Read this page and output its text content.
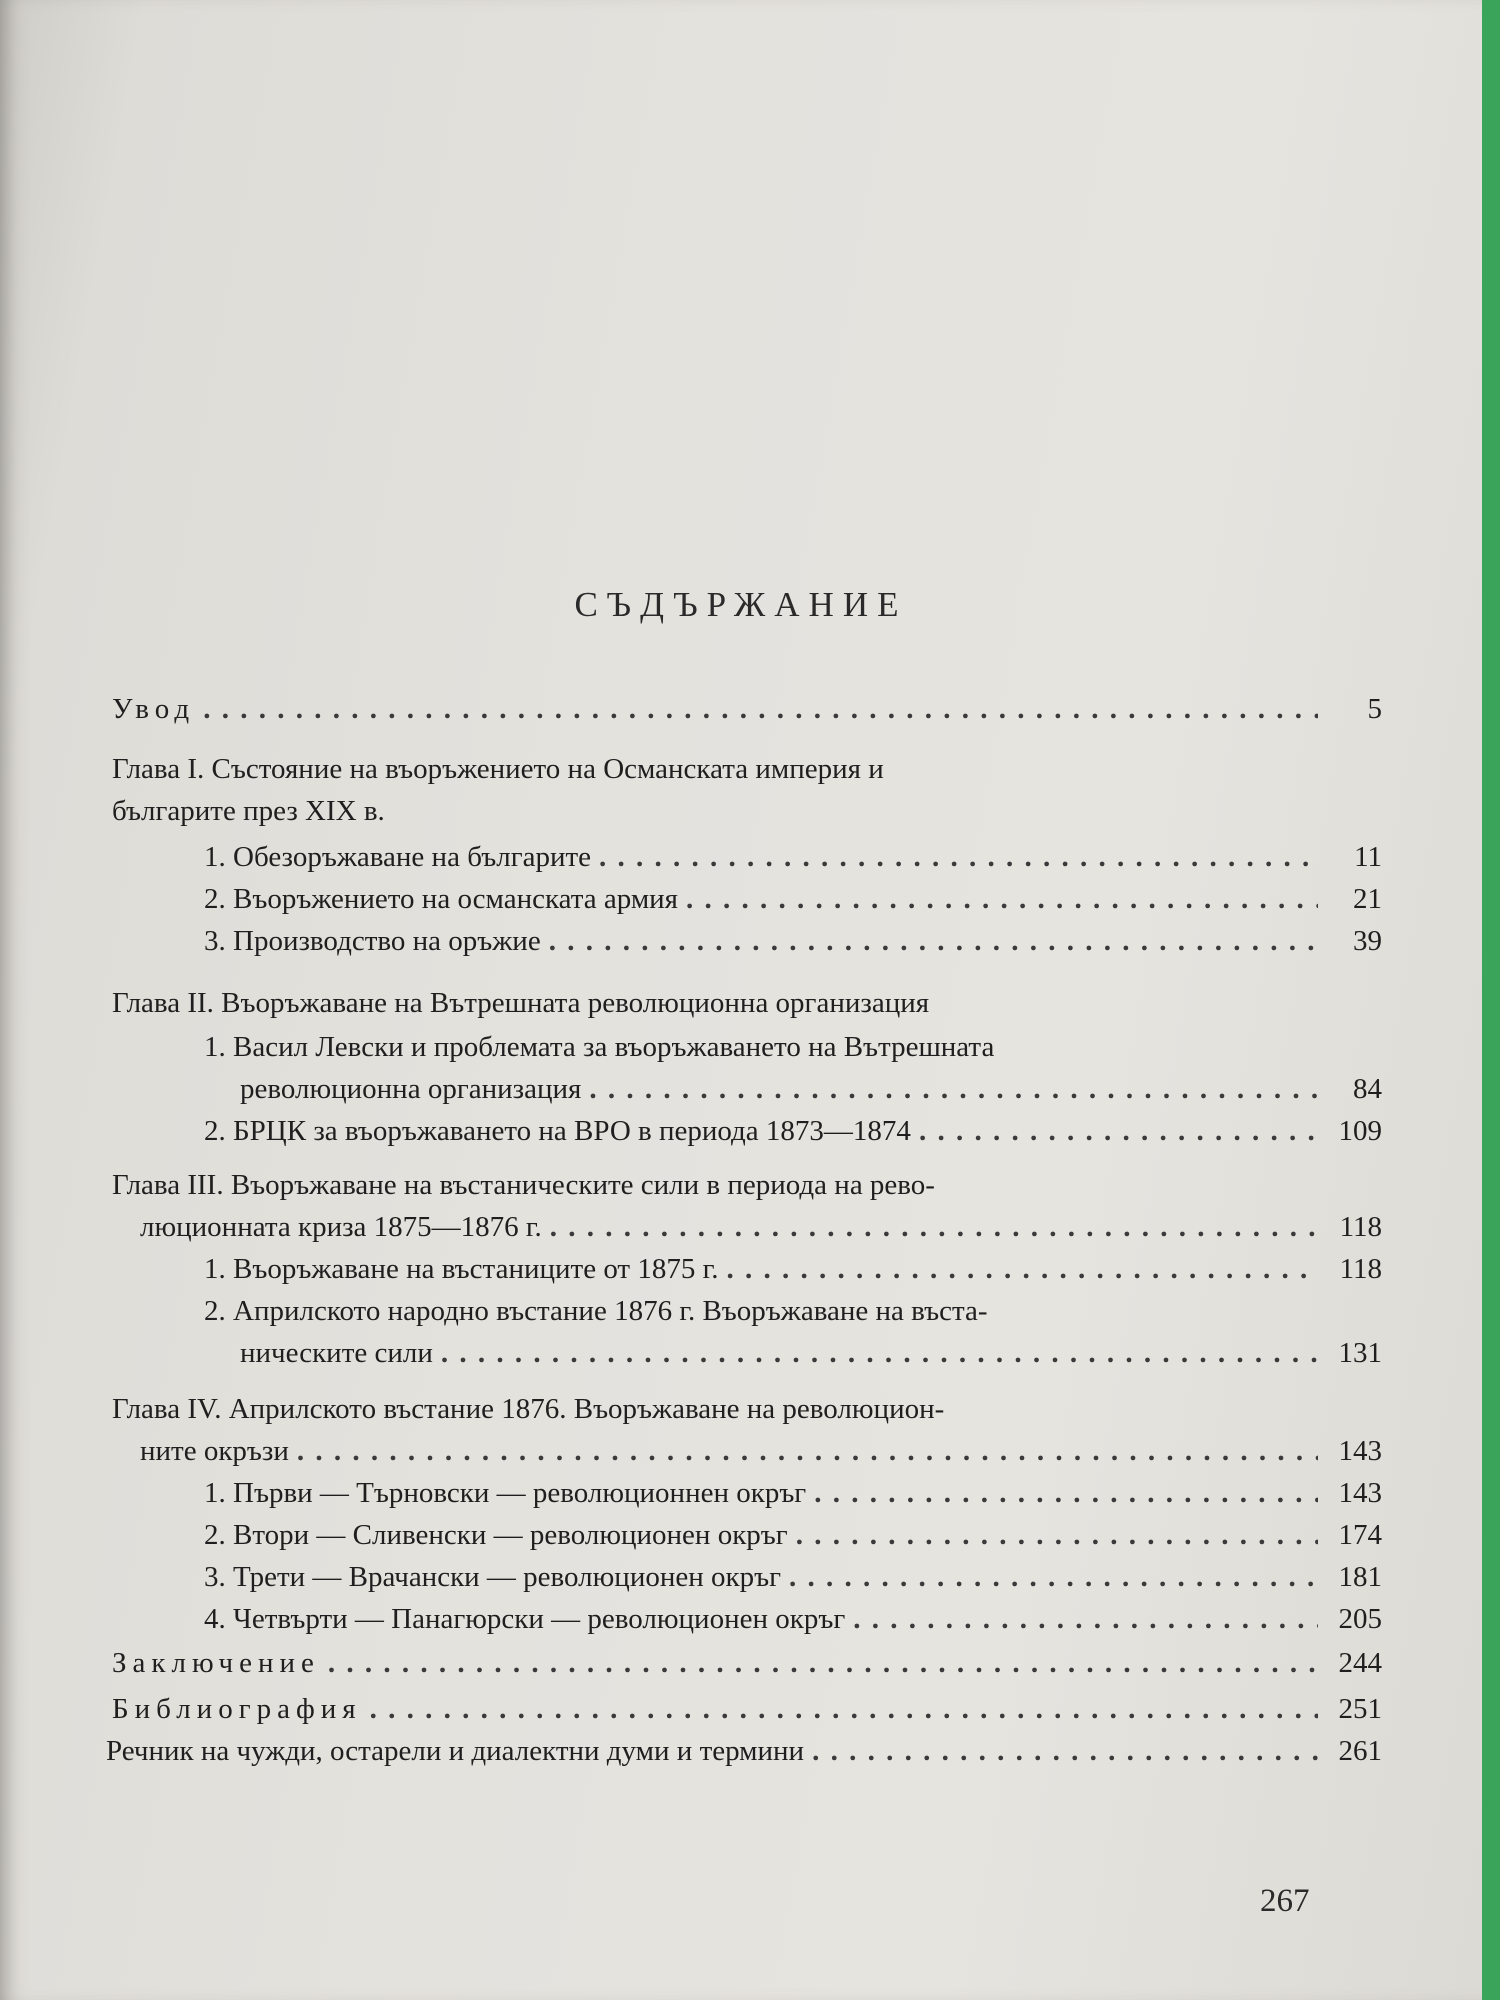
СЪДЪРЖАНИЕ
Увод . . .	5
Глава I. Състояние на въоръжението на Османската империя и
българите през XIX в.
1. Обезоръжаване на българите . . .	11
2. Въоръжението на османската армия . . .	21
3. Производство на оръжие . . .	39
Глава II. Въоръжаване на Вътрешната революционна организация
1. Васил Левски и проблемата за въоръжаването на Вътрешната
революционна организация . . .	84
2. БРЦК за въоръжаването на ВРО в периода 1873—1874 . . .	109
Глава III. Въоръжаване на въстаническите сили в периода на рево-
люционната криза 1875—1876 г. . . .	118
1. Въоръжаване на въстаниците от 1875 г. . . .	118
2. Априлското народно въстание 1876 г. Въоръжаване на въста-
ническите сили . . .	131
Глава IV. Априлското въстание 1876. Въоръжаване на революцион-
ните окръзи . . .	143
1. Първи — Търновски — революционнен окръг . . .	143
2. Втори — Сливенски — революционен окръг . . .	174
3. Трети — Врачански — революционен окръг . . .	181
4. Четвърти — Панагюрски — революционен окръг . . .	205
Заключение . . .	244
Библиография . . .	251
Речник на чужди, остарели и диалектни думи и термини . . .	261
267
